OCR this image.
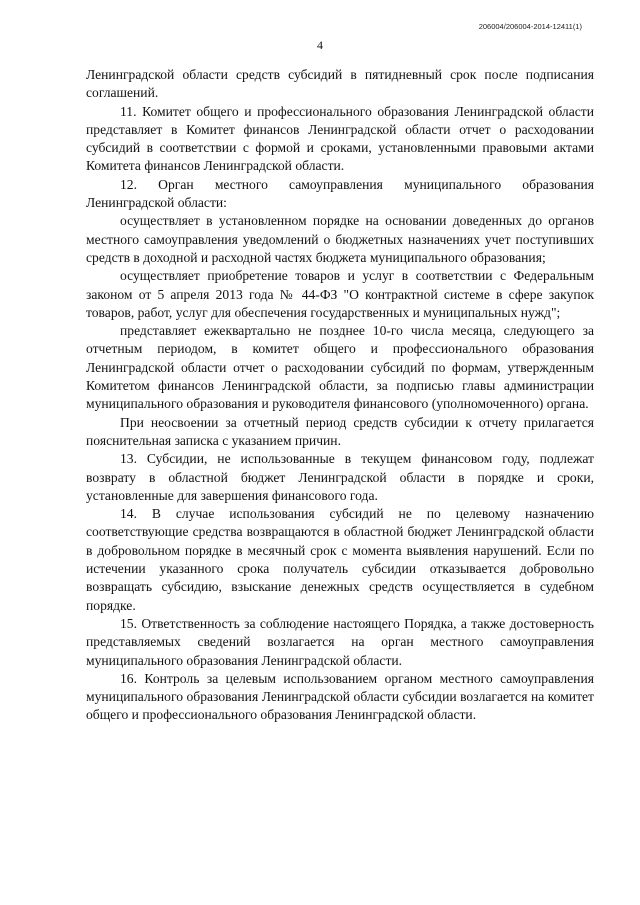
206004/206004-2014-12411(1)
4

Ленинградской области средств субсидий в пятидневный срок после подписания соглашений.

11. Комитет общего и профессионального образования Ленинградской области представляет в Комитет финансов Ленинградской области отчет о расходовании субсидий в соответствии с формой и сроками, установленными правовыми актами Комитета финансов Ленинградской области.

12. Орган местного самоуправления муниципального образования Ленинградской области:

осуществляет в установленном порядке на основании доведенных до органов местного самоуправления уведомлений о бюджетных назначениях учет поступивших средств в доходной и расходной частях бюджета муниципального образования;

осуществляет приобретение товаров и услуг в соответствии с Федеральным законом от 5 апреля 2013 года № 44-ФЗ "О контрактной системе в сфере закупок товаров, работ, услуг для обеспечения государственных и муниципальных нужд";

представляет ежеквартально не позднее 10-го числа месяца, следующего за отчетным периодом, в комитет общего и профессионального образования Ленинградской области отчет о расходовании субсидий по формам, утвержденным Комитетом финансов Ленинградской области, за подписью главы администрации муниципального образования и руководителя финансового (уполномоченного) органа.

При неосвоении за отчетный период средств субсидии к отчету прилагается пояснительная записка с указанием причин.

13. Субсидии, не использованные в текущем финансовом году, подлежат возврату в областной бюджет Ленинградской области в порядке и сроки, установленные для завершения финансового года.

14. В случае использования субсидий не по целевому назначению соответствующие средства возвращаются в областной бюджет Ленинградской области в добровольном порядке в месячный срок с момента выявления нарушений. Если по истечении указанного срока получатель субсидии отказывается добровольно возвращать субсидию, взыскание денежных средств осуществляется в судебном порядке.

15. Ответственность за соблюдение настоящего Порядка, а также достоверность представляемых сведений возлагается на орган местного самоуправления муниципального образования Ленинградской области.

16. Контроль за целевым использованием органом местного самоуправления муниципального образования Ленинградской области субсидии возлагается на комитет общего и профессионального образования Ленинградской области.
